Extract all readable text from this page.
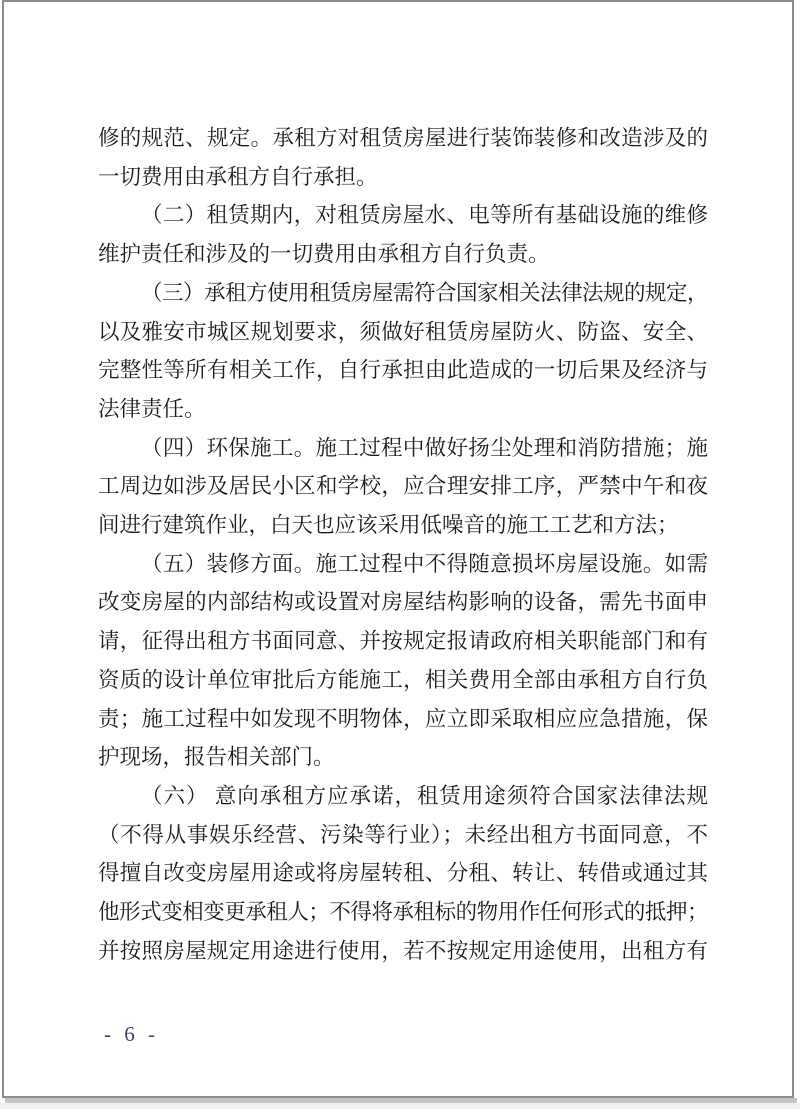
修的规范、规定。承租方对租赁房屋进行装饰装修和改造涉及的
一切费用由承租方自行承担。
（二）租赁期内，对租赁房屋水、电等所有基础设施的维修
维护责任和涉及的一切费用由承租方自行负责。
（三）承租方使用租赁房屋需符合国家相关法律法规的规定，
以及雅安市城区规划要求，须做好租赁房屋防火、防盗、安全、
完整性等所有相关工作，自行承担由此造成的一切后果及经济与
法律责任。
（四）环保施工。施工过程中做好扬尘处理和消防措施；施
工周边如涉及居民小区和学校，应合理安排工序，严禁中午和夜
间进行建筑作业，白天也应该采用低噪音的施工工艺和方法；
（五）装修方面。施工过程中不得随意损坏房屋设施。如需
改变房屋的内部结构或设置对房屋结构影响的设备，需先书面申
请，征得出租方书面同意、并按规定报请政府相关职能部门和有
资质的设计单位审批后方能施工，相关费用全部由承租方自行负
责；施工过程中如发现不明物体，应立即采取相应应急措施，保
护现场，报告相关部门。
（六） 意向承租方应承诺，租赁用途须符合国家法律法规
（不得从事娱乐经营、污染等行业）；未经出租方书面同意，不
得擅自改变房屋用途或将房屋转租、分租、转让、转借或通过其
他形式变相变更承租人；不得将承租标的物用作任何形式的抵押；
并按照房屋规定用途进行使用，若不按规定用途使用，出租方有
- 6 -
